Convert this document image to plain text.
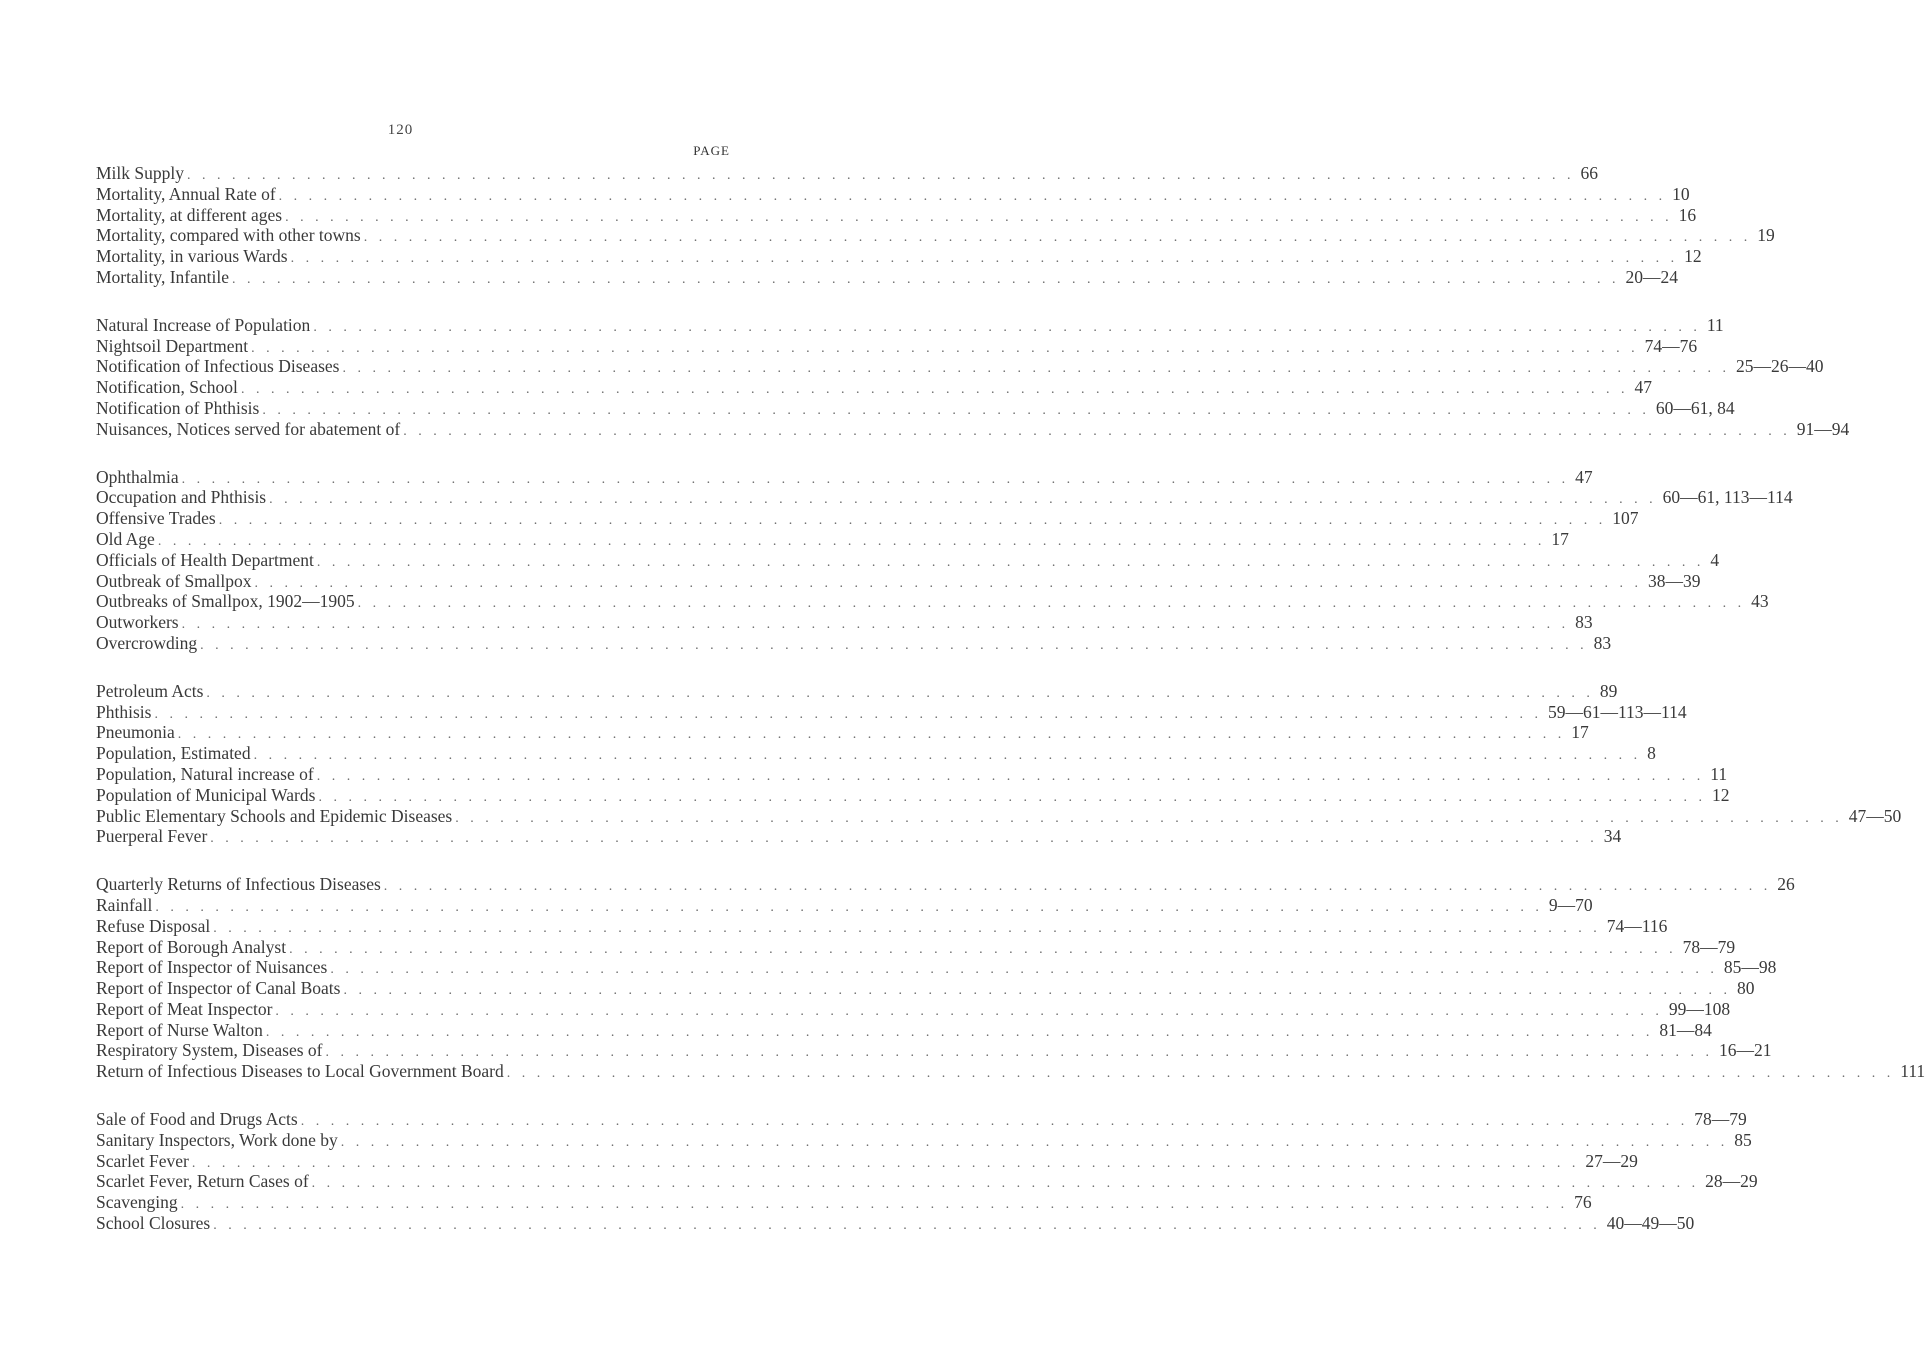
120
PAGE
Milk Supply . . . . . . . . . . . . . . . . . . . . . . . . . . . . . . . . . . . . . . . . . . . . . . . . . . . . . . . . . . . . . . . . . . . . . . . . . . . . . . . . . . . . . . . . . . . . . 66
Mortality, Annual Rate of . . . . . . . . . . . . . . . . . . . . . . . . . . . . . . . . . . . . . . . . . . . . . . . . . . . . . . . . . . . . . . . . . . . . . . . . . . . . . . . . . . . . . . . . . . . . . 10
Mortality, at different ages . . . . . . . . . . . . . . . . . . . . . . . . . . . . . . . . . . . . . . . . . . . . . . . . . . . . . . . . . . . . . . . . . . . . . . . . . . . . . . . . . . . . . . . . . . . . . 16
Mortality, compared with other towns . . . . . . . . . . . . . . . . . . . . . . . . . . . . . . . . . . . . . . . . . . . . . . . . . . . . . . . . . . . . . . . . . . . . . . . . . . . . . . . . . . . . . . . . . . . . . 19
Mortality, in various Wards . . . . . . . . . . . . . . . . . . . . . . . . . . . . . . . . . . . . . . . . . . . . . . . . . . . . . . . . . . . . . . . . . . . . . . . . . . . . . . . . . . . . . . . . . . . . . 12
Mortality, Infantile . . . . . . . . . . . . . . . . . . . . . . . . . . . . . . . . . . . . . . . . . . . . . . . . . . . . . . . . . . . . . . . . . . . . . . . . . . . . . . . . . . . . . . . . . . . . . 20—24
Natural Increase of Population . . . . . . . . . . . . . . . . . . . . . . . . . . . . . . . . . . . . . . . . . . . . . . . . . . . . . . . . . . . . . . . . . . . . . . . . . . . . . . . . . . . . . . . . . . . . . 11
Nightsoil Department . . . . . . . . . . . . . . . . . . . . . . . . . . . . . . . . . . . . . . . . . . . . . . . . . . . . . . . . . . . . . . . . . . . . . . . . . . . . . . . . . . . . . . . . . . . . . 74—76
Notification of Infectious Diseases . . . . . . . . . . . . . . . . . . . . . . . . . . . . . . . . . . . . . . . . . . . . . . . . . . . . . . . . . . . . . . . . . . . . . . . . . . . . . . . . . . . . . . . . . . . . . 25—26—40
Notification, School . . . . . . . . . . . . . . . . . . . . . . . . . . . . . . . . . . . . . . . . . . . . . . . . . . . . . . . . . . . . . . . . . . . . . . . . . . . . . . . . . . . . . . . . . . . . . 47
Notification of Phthisis . . . . . . . . . . . . . . . . . . . . . . . . . . . . . . . . . . . . . . . . . . . . . . . . . . . . . . . . . . . . . . . . . . . . . . . . . . . . . . . . . . . . . . . . . . . . . 60—61, 84
Nuisances, Notices served for abatement of . . . . . . . . . . . . . . . . . . . . . . . . . . . . . . . . . . . . . . . . . . . . . . . . . . . . . . . . . . . . . . . . . . . . . . . . . . . . . . . . . . . . . . . . . . . . . 91—94
Ophthalmia . . . . . . . . . . . . . . . . . . . . . . . . . . . . . . . . . . . . . . . . . . . . . . . . . . . . . . . . . . . . . . . . . . . . . . . . . . . . . . . . . . . . . . . . . . . . . 47
Occupation and Phthisis . . . . . . . . . . . . . . . . . . . . . . . . . . . . . . . . . . . . . . . . . . . . . . . . . . . . . . . . . . . . . . . . . . . . . . . . . . . . . . . . . . . . . . . . . . . . . 60—61, 113—114
Offensive Trades . . . . . . . . . . . . . . . . . . . . . . . . . . . . . . . . . . . . . . . . . . . . . . . . . . . . . . . . . . . . . . . . . . . . . . . . . . . . . . . . . . . . . . . . . . . . . 107
Old Age . . . . . . . . . . . . . . . . . . . . . . . . . . . . . . . . . . . . . . . . . . . . . . . . . . . . . . . . . . . . . . . . . . . . . . . . . . . . . . . . . . . . . . . . . . . . . 17
Officials of Health Department . . . . . . . . . . . . . . . . . . . . . . . . . . . . . . . . . . . . . . . . . . . . . . . . . . . . . . . . . . . . . . . . . . . . . . . . . . . . . . . . . . . . . . . . . . . . . 4
Outbreak of Smallpox . . . . . . . . . . . . . . . . . . . . . . . . . . . . . . . . . . . . . . . . . . . . . . . . . . . . . . . . . . . . . . . . . . . . . . . . . . . . . . . . . . . . . . . . . . . . . 38—39
Outbreaks of Smallpox, 1902—1905 . . . . . . . . . . . . . . . . . . . . . . . . . . . . . . . . . . . . . . . . . . . . . . . . . . . . . . . . . . . . . . . . . . . . . . . . . . . . . . . . . . . . . . . . . . . . . 43
Outworkers . . . . . . . . . . . . . . . . . . . . . . . . . . . . . . . . . . . . . . . . . . . . . . . . . . . . . . . . . . . . . . . . . . . . . . . . . . . . . . . . . . . . . . . . . . . . . 83
Overcrowding . . . . . . . . . . . . . . . . . . . . . . . . . . . . . . . . . . . . . . . . . . . . . . . . . . . . . . . . . . . . . . . . . . . . . . . . . . . . . . . . . . . . . . . . . . . . . 83
Petroleum Acts . . . . . . . . . . . . . . . . . . . . . . . . . . . . . . . . . . . . . . . . . . . . . . . . . . . . . . . . . . . . . . . . . . . . . . . . . . . . . . . . . . . . . . . . . . . . . 89
Phthisis . . . . . . . . . . . . . . . . . . . . . . . . . . . . . . . . . . . . . . . . . . . . . . . . . . . . . . . . . . . . . . . . . . . . . . . . . . . . . . . . . . . . . . . . . . . . . 59—61—113—114
Pneumonia . . . . . . . . . . . . . . . . . . . . . . . . . . . . . . . . . . . . . . . . . . . . . . . . . . . . . . . . . . . . . . . . . . . . . . . . . . . . . . . . . . . . . . . . . . . . . 17
Population, Estimated . . . . . . . . . . . . . . . . . . . . . . . . . . . . . . . . . . . . . . . . . . . . . . . . . . . . . . . . . . . . . . . . . . . . . . . . . . . . . . . . . . . . . . . . . . . . . 8
Population, Natural increase of . . . . . . . . . . . . . . . . . . . . . . . . . . . . . . . . . . . . . . . . . . . . . . . . . . . . . . . . . . . . . . . . . . . . . . . . . . . . . . . . . . . . . . . . . . . . . 11
Population of Municipal Wards . . . . . . . . . . . . . . . . . . . . . . . . . . . . . . . . . . . . . . . . . . . . . . . . . . . . . . . . . . . . . . . . . . . . . . . . . . . . . . . . . . . . . . . . . . . . . 12
Public Elementary Schools and Epidemic Diseases . . . . . . . . . . . . . . . . . . . . . . . . . . . . . . . . . . . . . . . . . . . . . . . . . . . . . . . . . . . . . . . . . . . . . . . . . . . . . . . . . . . . . . . . . . . . . 47—50
Puerperal Fever . . . . . . . . . . . . . . . . . . . . . . . . . . . . . . . . . . . . . . . . . . . . . . . . . . . . . . . . . . . . . . . . . . . . . . . . . . . . . . . . . . . . . . . . . . . . . 34
Quarterly Returns of Infectious Diseases . . . . . . . . . . . . . . . . . . . . . . . . . . . . . . . . . . . . . . . . . . . . . . . . . . . . . . . . . . . . . . . . . . . . . . . . . . . . . . . . . . . . . . . . . . . . . 26
Rainfall . . . . . . . . . . . . . . . . . . . . . . . . . . . . . . . . . . . . . . . . . . . . . . . . . . . . . . . . . . . . . . . . . . . . . . . . . . . . . . . . . . . . . . . . . . . . . 9—70
Refuse Disposal . . . . . . . . . . . . . . . . . . . . . . . . . . . . . . . . . . . . . . . . . . . . . . . . . . . . . . . . . . . . . . . . . . . . . . . . . . . . . . . . . . . . . . . . . . . . . 74—116
Report of Borough Analyst . . . . . . . . . . . . . . . . . . . . . . . . . . . . . . . . . . . . . . . . . . . . . . . . . . . . . . . . . . . . . . . . . . . . . . . . . . . . . . . . . . . . . . . . . . . . . 78—79
Report of Inspector of Nuisances . . . . . . . . . . . . . . . . . . . . . . . . . . . . . . . . . . . . . . . . . . . . . . . . . . . . . . . . . . . . . . . . . . . . . . . . . . . . . . . . . . . . . . . . . . . . . 85—98
Report of Inspector of Canal Boats . . . . . . . . . . . . . . . . . . . . . . . . . . . . . . . . . . . . . . . . . . . . . . . . . . . . . . . . . . . . . . . . . . . . . . . . . . . . . . . . . . . . . . . . . . . . . 80
Report of Meat Inspector . . . . . . . . . . . . . . . . . . . . . . . . . . . . . . . . . . . . . . . . . . . . . . . . . . . . . . . . . . . . . . . . . . . . . . . . . . . . . . . . . . . . . . . . . . . . . 99—108
Report of Nurse Walton . . . . . . . . . . . . . . . . . . . . . . . . . . . . . . . . . . . . . . . . . . . . . . . . . . . . . . . . . . . . . . . . . . . . . . . . . . . . . . . . . . . . . . . . . . . . . 81—84
Respiratory System, Diseases of . . . . . . . . . . . . . . . . . . . . . . . . . . . . . . . . . . . . . . . . . . . . . . . . . . . . . . . . . . . . . . . . . . . . . . . . . . . . . . . . . . . . . . . . . . . . . 16—21
Return of Infectious Diseases to Local Government Board . . . . . . . . . . . . . . . . . . . . . . . . . . . . . . . . . . . . . . . . . . . . . . . . . . . . . . . . . . . . . . . . . . . . . . . . . . . . . . . . . . . . . . . . . . . . . 111
Sale of Food and Drugs Acts . . . . . . . . . . . . . . . . . . . . . . . . . . . . . . . . . . . . . . . . . . . . . . . . . . . . . . . . . . . . . . . . . . . . . . . . . . . . . . . . . . . . . . . . . . . . . 78—79
Sanitary Inspectors, Work done by . . . . . . . . . . . . . . . . . . . . . . . . . . . . . . . . . . . . . . . . . . . . . . . . . . . . . . . . . . . . . . . . . . . . . . . . . . . . . . . . . . . . . . . . . . . . . 85
Scarlet Fever . . . . . . . . . . . . . . . . . . . . . . . . . . . . . . . . . . . . . . . . . . . . . . . . . . . . . . . . . . . . . . . . . . . . . . . . . . . . . . . . . . . . . . . . . . . . . 27—29
Scarlet Fever, Return Cases of . . . . . . . . . . . . . . . . . . . . . . . . . . . . . . . . . . . . . . . . . . . . . . . . . . . . . . . . . . . . . . . . . . . . . . . . . . . . . . . . . . . . . . . . . . . . . 28—29
Scavenging . . . . . . . . . . . . . . . . . . . . . . . . . . . . . . . . . . . . . . . . . . . . . . . . . . . . . . . . . . . . . . . . . . . . . . . . . . . . . . . . . . . . . . . . . . . . . 76
School Closures . . . . . . . . . . . . . . . . . . . . . . . . . . . . . . . . . . . . . . . . . . . . . . . . . . . . . . . . . . . . . . . . . . . . . . . . . . . . . . . . . . . . . . . . . . . . . 40—49—50
